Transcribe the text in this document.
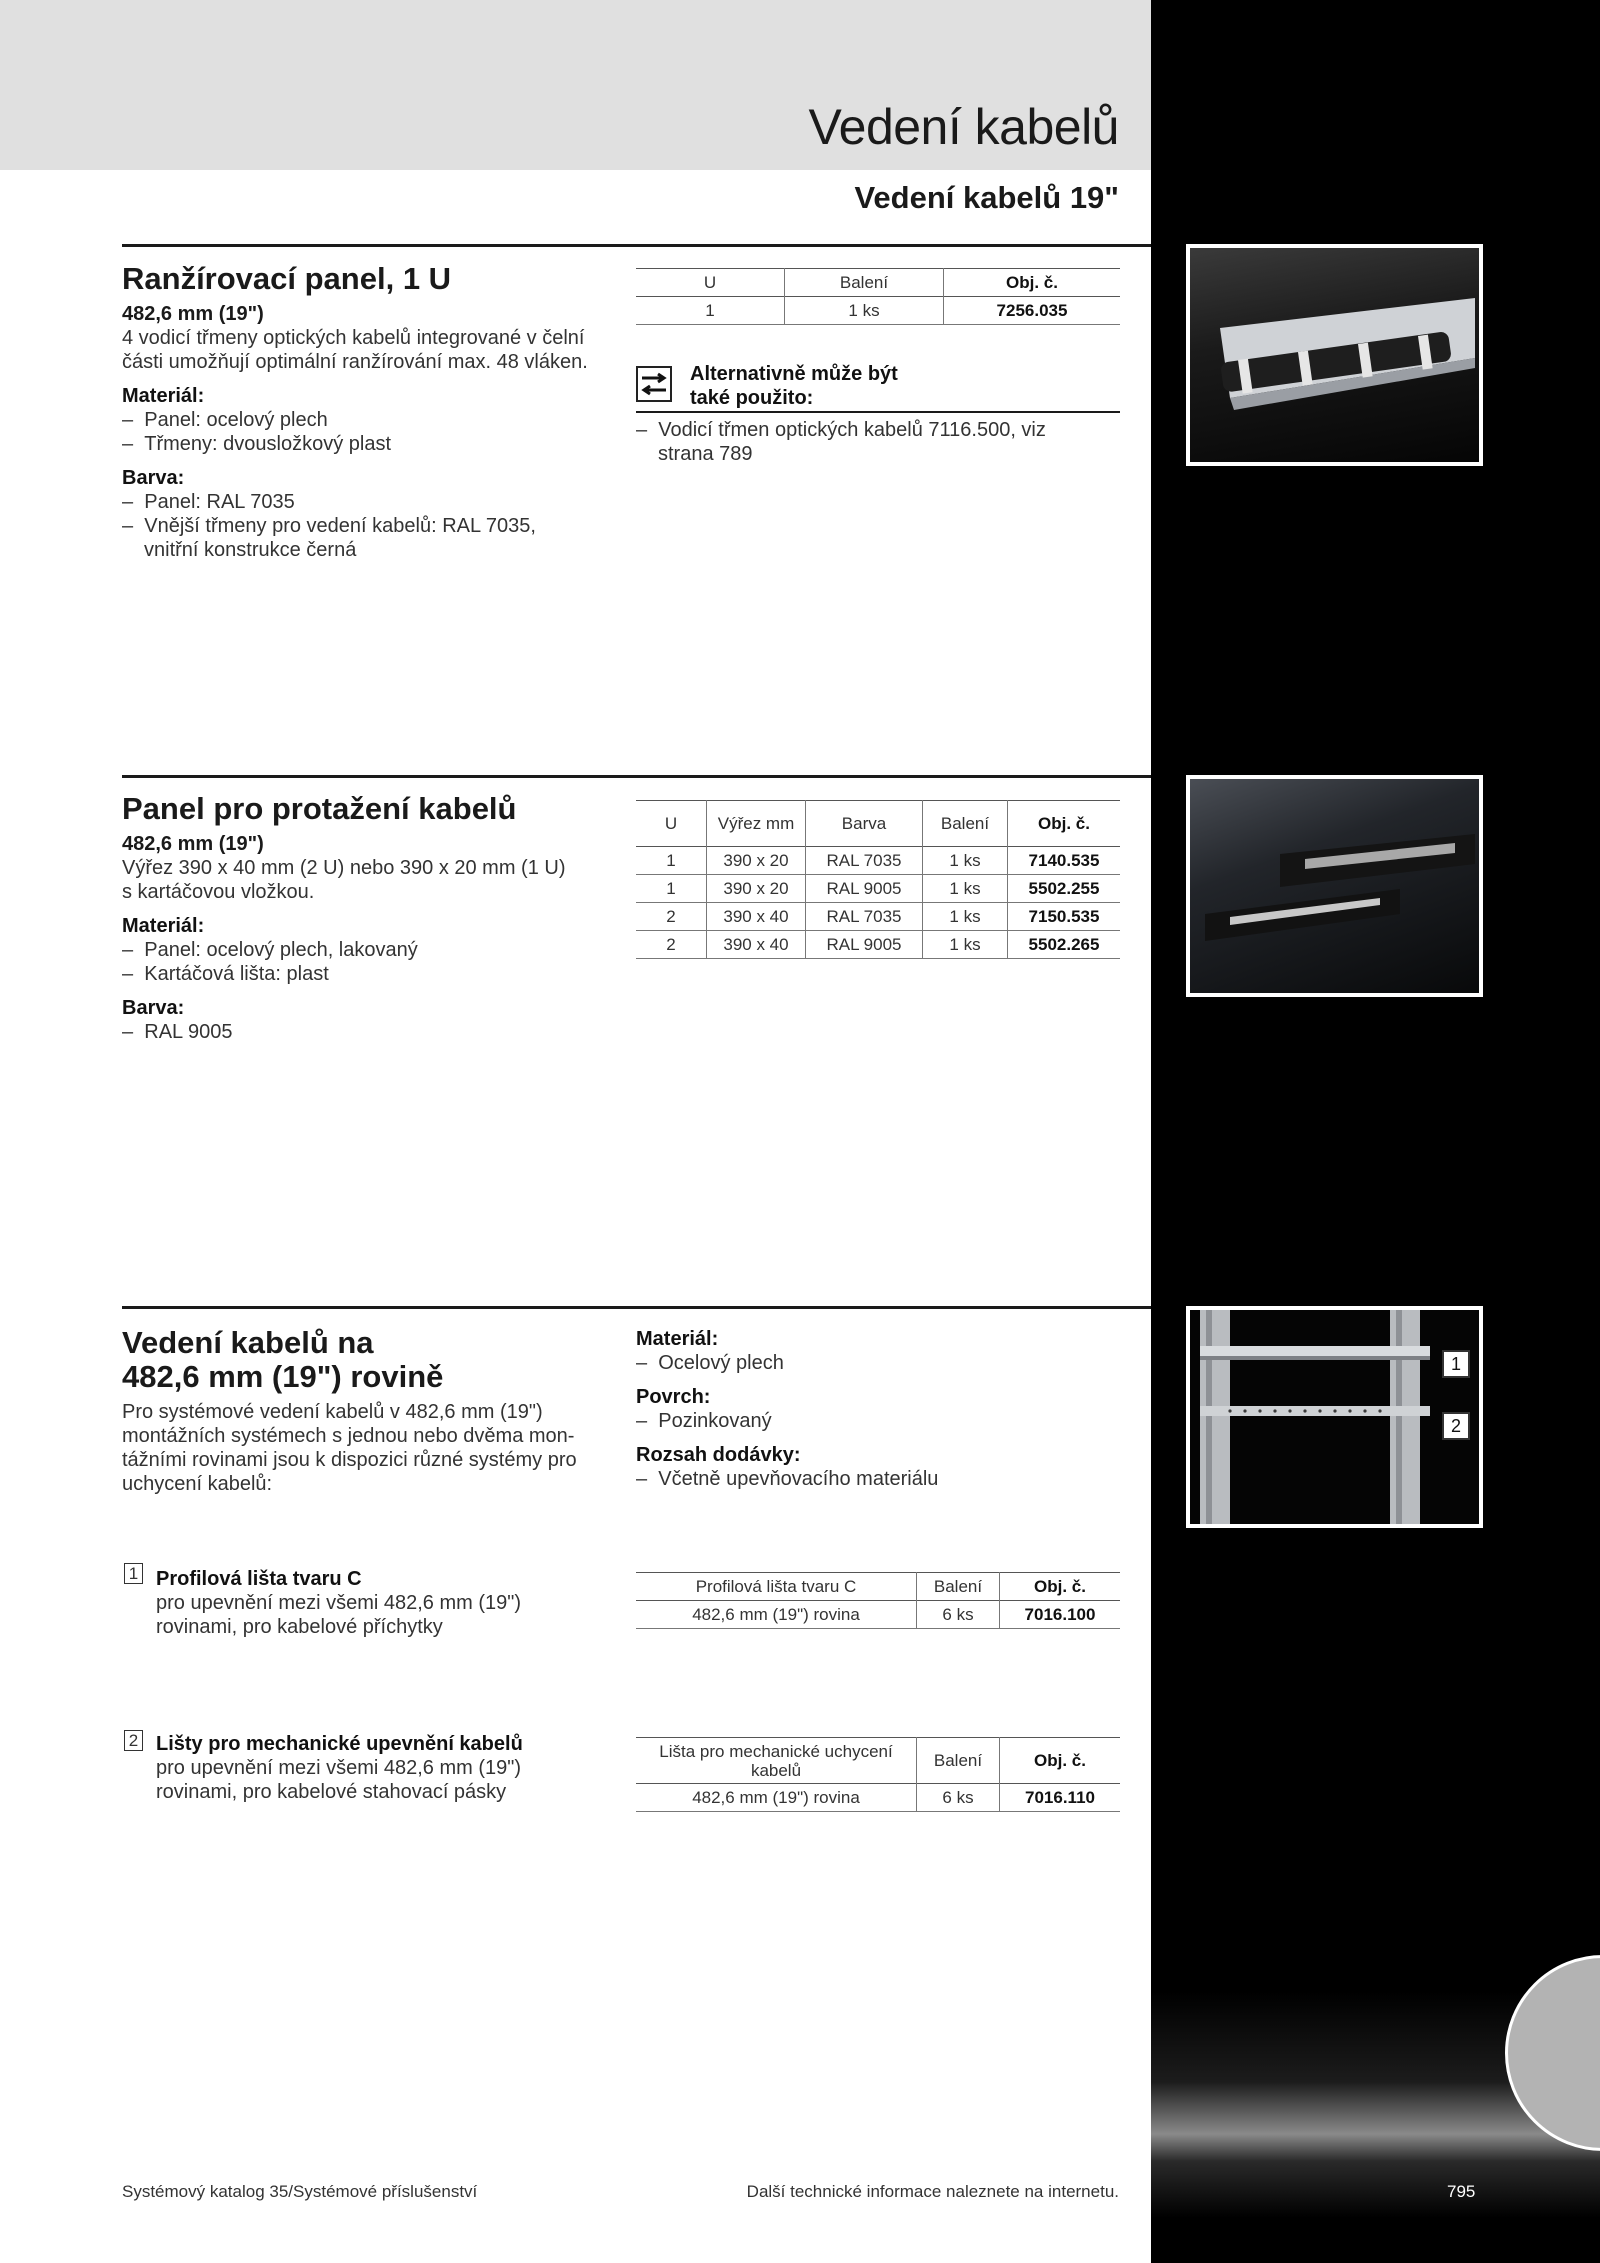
Vedení kabelů
Vedení kabelů 19"
Ranžírovací panel, 1 U
482,6 mm (19")
4 vodicí třmeny optických kabelů integrované v čelní
části umožňují optimální ranžírování max. 48 vláken.
Materiál:
–  Panel: ocelový plech
–  Třmeny: dvousložkový plast
Barva:
–  Panel: RAL 7035
–  Vnější třmeny pro vedení kabelů: RAL 7035, vnitřní konstrukce černá
U	Balení	Obj. č.
1	1 ks	7256.035
Alternativně může být
také použito:
–  Vodicí třmen optických kabelů 7116.500, viz strana 789
Panel pro protažení kabelů
482,6 mm (19")
Výřez 390 x 40 mm (2 U) nebo 390 x 20 mm (1 U)
s kartáčovou vložkou.
Materiál:
–  Panel: ocelový plech, lakovaný
–  Kartáčová lišta: plast
Barva:
–  RAL 9005
U	Výřez mm	Barva	Balení	Obj. č.
1	390 x 20	RAL 7035	1 ks	7140.535
1	390 x 20	RAL 9005	1 ks	5502.255
2	390 x 40	RAL 7035	1 ks	7150.535
2	390 x 40	RAL 9005	1 ks	5502.265
Vedení kabelů na
482,6 mm (19") rovině
Pro systémové vedení kabelů v 482,6 mm (19")
montážních systémech s jednou nebo dvěma mon-
tážními rovinami jsou k dispozici různé systémy pro
uchycení kabelů:
Materiál:
–  Ocelový plech
Povrch:
–  Pozinkovaný
Rozsah dodávky:
–  Včetně upevňovacího materiálu
1
2
1 Profilová lišta tvaru C
pro upevnění mezi všemi 482,6 mm (19")
rovinami, pro kabelové příchytky
Profilová lišta tvaru C	Balení	Obj. č.
482,6 mm (19") rovina	6 ks	7016.100
2 Lišty pro mechanické upevnění kabelů
pro upevnění mezi všemi 482,6 mm (19")
rovinami, pro kabelové stahovací pásky
Lišta pro mechanické uchycení kabelů	Balení	Obj. č.
482,6 mm (19") rovina	6 ks	7016.110
Systémový katalog 35/Systémové příslušenství	Další technické informace naleznete na internetu.	795
